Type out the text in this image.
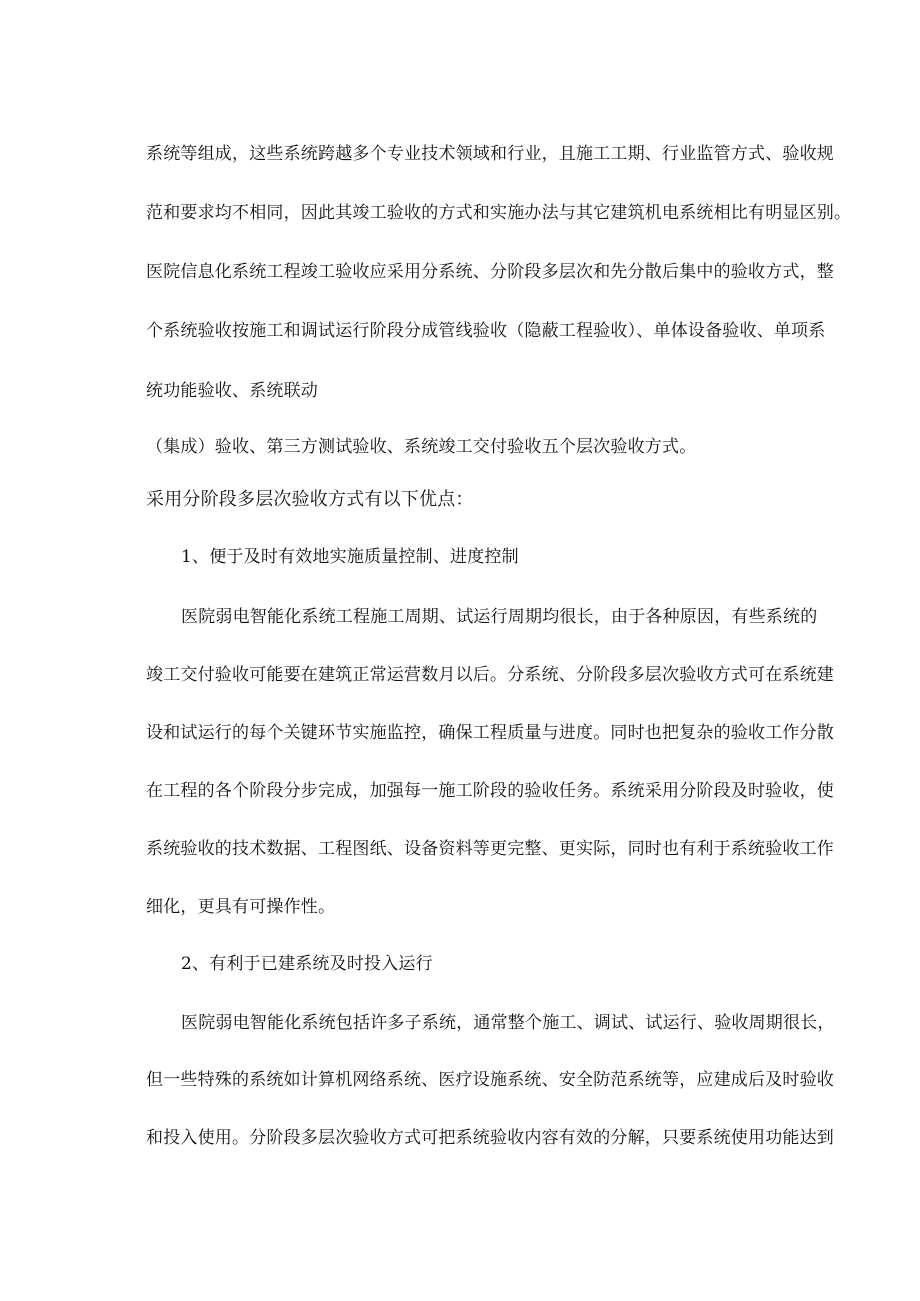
系统等组成，这些系统跨越多个专业技术领域和行业，且施工工期、行业监管方式、验收规
范和要求均不相同，因此其竣工验收的方式和实施办法与其它建筑机电系统相比有明显区别。
医院信息化系统工程竣工验收应采用分系统、分阶段多层次和先分散后集中的验收方式，整
个系统验收按施工和调试运行阶段分成管线验收（隐蔽工程验收）、单体设备验收、单项系
统功能验收、系统联动
（集成）验收、第三方测试验收、系统竣工交付验收五个层次验收方式。
采用分阶段多层次验收方式有以下优点：
1、便于及时有效地实施质量控制、进度控制
医院弱电智能化系统工程施工周期、试运行周期均很长，由于各种原因，有些系统的
竣工交付验收可能要在建筑正常运营数月以后。分系统、分阶段多层次验收方式可在系统建
设和试运行的每个关键环节实施监控，确保工程质量与进度。同时也把复杂的验收工作分散
在工程的各个阶段分步完成，加强每一施工阶段的验收任务。系统采用分阶段及时验收，使
系统验收的技术数据、工程图纸、设备资料等更完整、更实际，同时也有利于系统验收工作
细化，更具有可操作性。
2、有利于已建系统及时投入运行
医院弱电智能化系统包括许多子系统，通常整个施工、调试、试运行、验收周期很长，
但一些特殊的系统如计算机网络系统、医疗设施系统、安全防范系统等，应建成后及时验收
和投入使用。分阶段多层次验收方式可把系统验收内容有效的分解，只要系统使用功能达到
